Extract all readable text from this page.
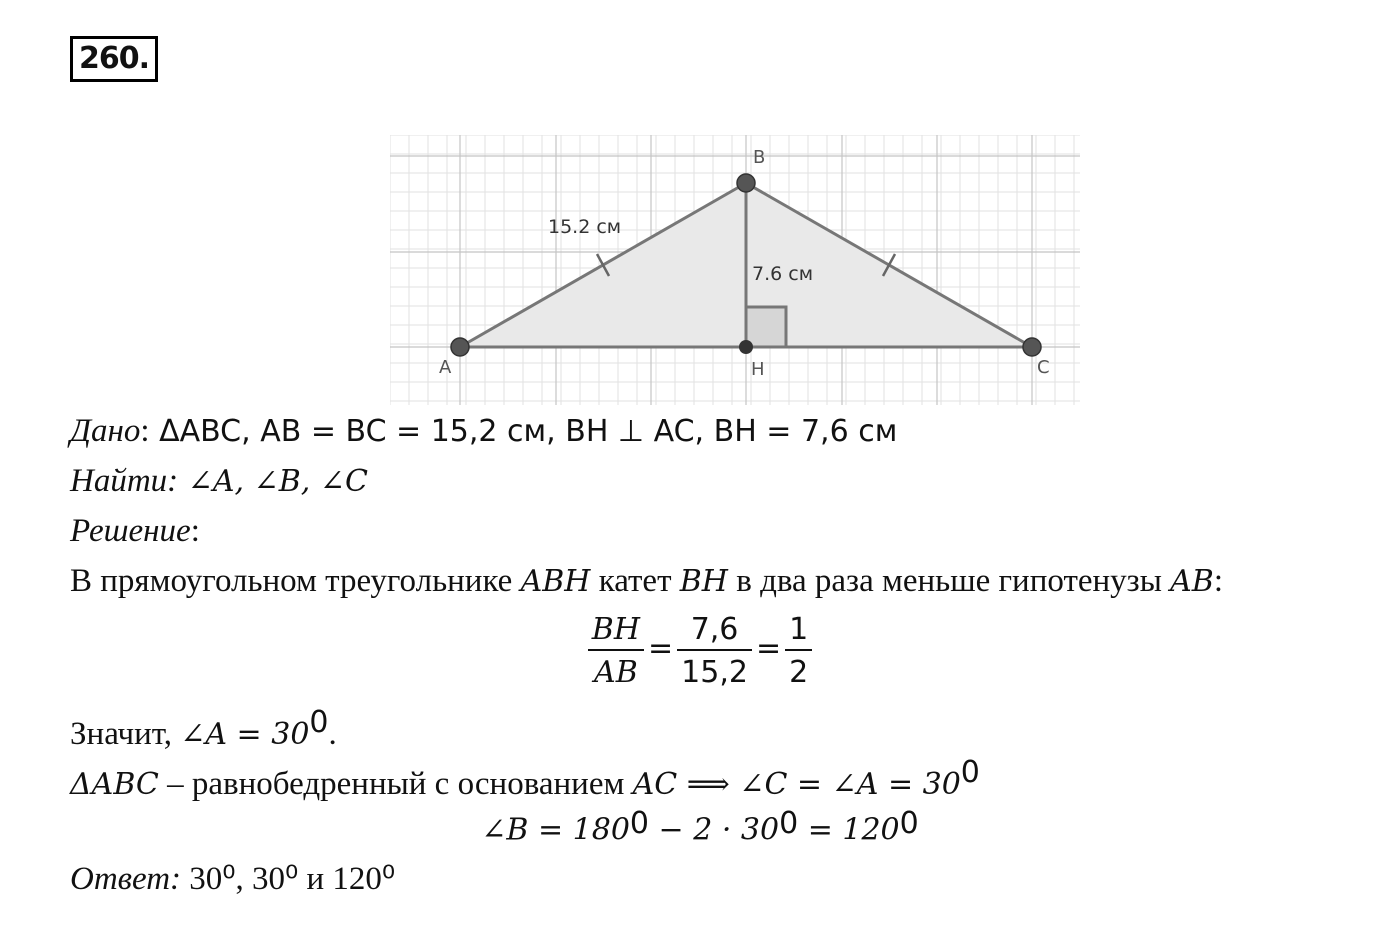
260.
B
A	H	C
15.2 см
7.6 см
Дано: ΔABC, AB = BC = 15,2 см, BH ⊥ AC, BH = 7,6 см
Найти: ∠A, ∠B, ∠C
Решение:
В прямоугольном треугольнике ABH катет BH в два раза меньше гипотенузы AB:
$\frac{BH}{AB} = \frac{7,6}{15,2} = \frac{1}{2}$
Значит, ∠A = $30^0$.
ΔABC – равнобедренный с основанием AC ⟹ ∠C = ∠A = $30^0$
∠B = $180^0 - 2 \cdot 30^0 = 120^0$
Ответ: 30⁰, 30⁰ и 120⁰
